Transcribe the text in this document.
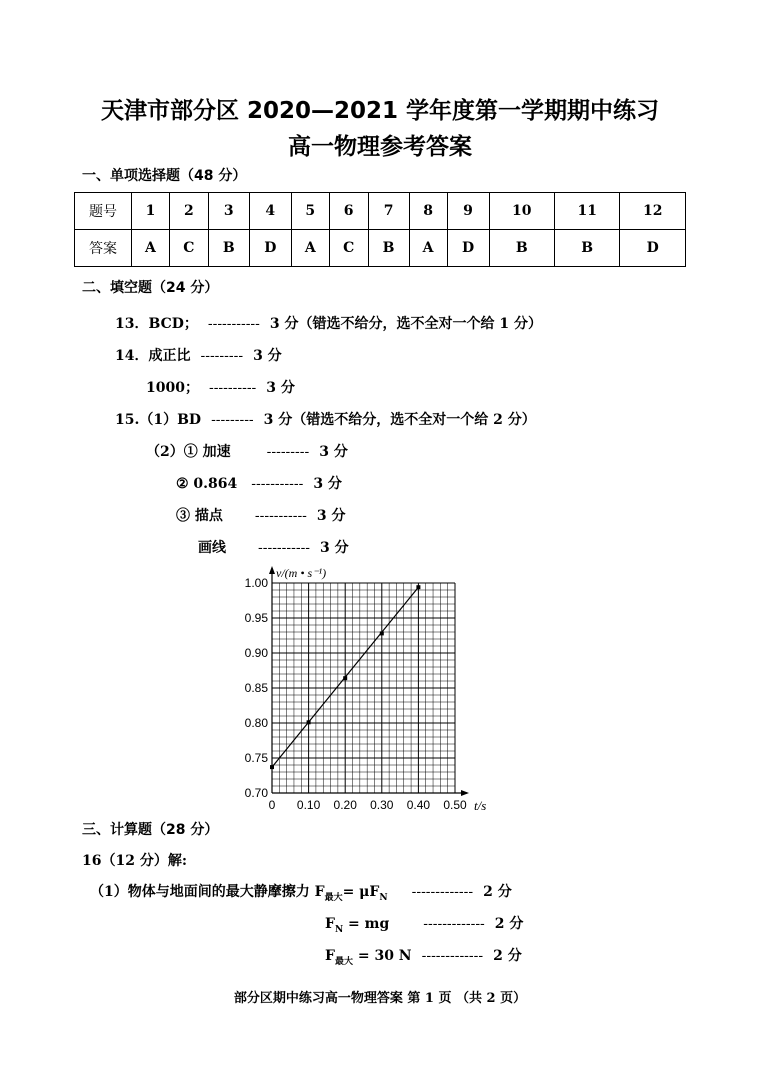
天津市部分区 2020—2021 学年度第一学期期中练习
高一物理参考答案
一、单项选择题（48 分）
题号	1	2	3	4	5	6	7	8	9	10	11	12
答案	A	C	B	D	A	C	B	A	D	B	B	D
二、填空题（24 分）
13．BCD； ----------- 3 分（错选不给分，选不全对一个给 1 分）
14．成正比 --------- 3 分
1000； ---------- 3 分
15.（1）BD --------- 3 分（错选不给分，选不全对一个给 2 分）
（2）① 加速	--------- 3 分
② 0.864 ----------- 3 分
③ 描点 ----------- 3 分
画线 ----------- 3 分
0 0.10 0.20 0.30 0.40 0.50
0.70
0.75
0.80
0.85
0.90
0.95
1.00
v/(m • s⁻¹)
t/s
三、计算题（28 分）
16（12 分）解:
（1）物体与地面间的最大静摩擦力 $F_{最大}= \mu F_N$ ------------- 2 分
$F_N$ = mg ------------- 2 分
$F_{最大} = 30$ N ------------- 2 分
部分区期中练习高一物理答案 第 1 页 （共 2 页）
